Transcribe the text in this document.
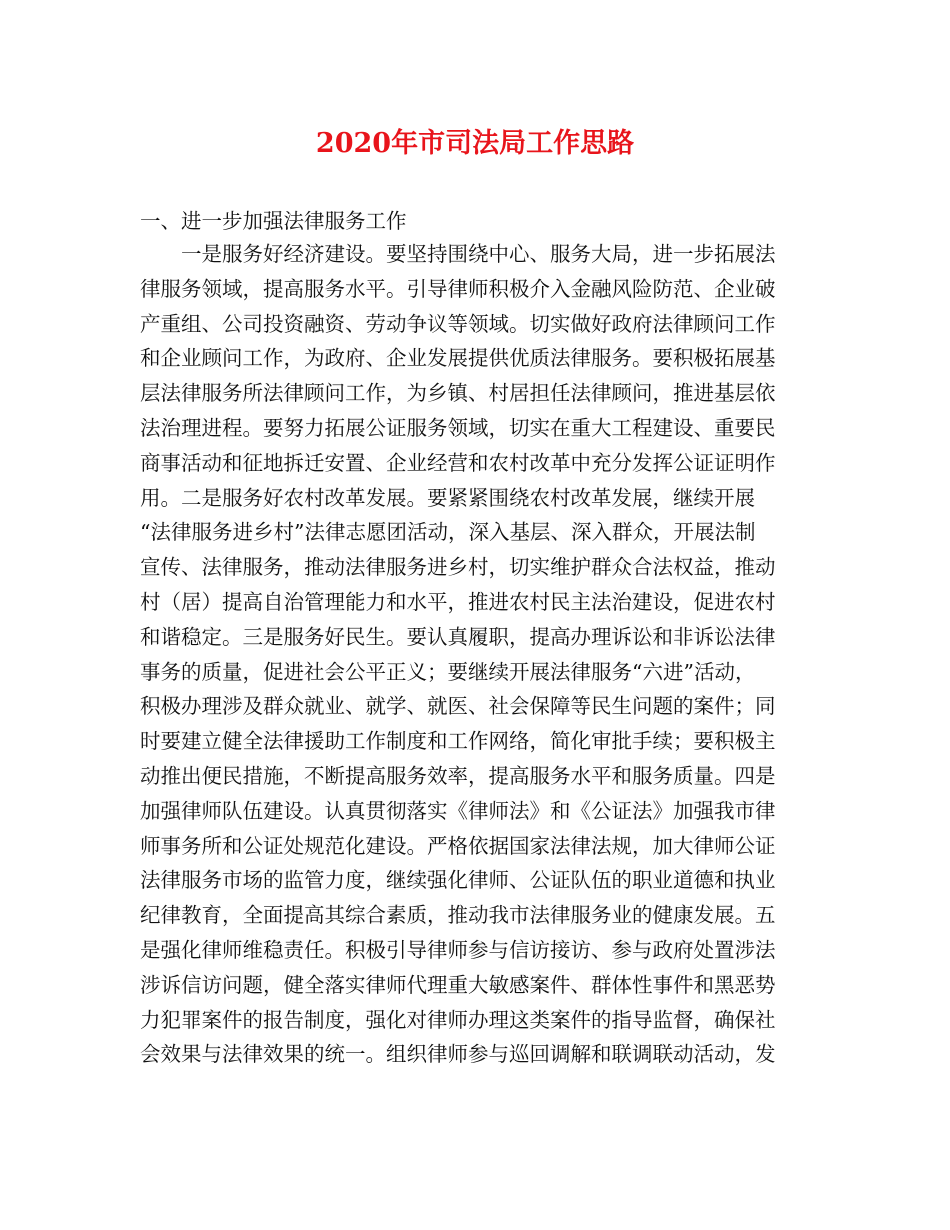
2020年市司法局工作思路
一、进一步加强法律服务工作
一是服务好经济建设。要坚持围绕中心、服务大局，进一步拓展法
律服务领域，提高服务水平。引导律师积极介入金融风险防范、企业破
产重组、公司投资融资、劳动争议等领域。切实做好政府法律顾问工作
和企业顾问工作，为政府、企业发展提供优质法律服务。要积极拓展基
层法律服务所法律顾问工作，为乡镇、村居担任法律顾问，推进基层依
法治理进程。要努力拓展公证服务领域，切实在重大工程建设、重要民
商事活动和征地拆迁安置、企业经营和农村改革中充分发挥公证证明作
用。二是服务好农村改革发展。要紧紧围绕农村改革发展，继续开展
“法律服务进乡村”法律志愿团活动，深入基层、深入群众，开展法制
宣传、法律服务，推动法律服务进乡村，切实维护群众合法权益，推动
村（居）提高自治管理能力和水平，推进农村民主法治建设，促进农村
和谐稳定。三是服务好民生。要认真履职，提高办理诉讼和非诉讼法律
事务的质量，促进社会公平正义；要继续开展法律服务“六进”活动，
积极办理涉及群众就业、就学、就医、社会保障等民生问题的案件；同
时要建立健全法律援助工作制度和工作网络，简化审批手续；要积极主
动推出便民措施，不断提高服务效率，提高服务水平和服务质量。四是
加强律师队伍建设。认真贯彻落实《律师法》和《公证法》加强我市律
师事务所和公证处规范化建设。严格依据国家法律法规，加大律师公证
法律服务市场的监管力度，继续强化律师、公证队伍的职业道德和执业
纪律教育，全面提高其综合素质，推动我市法律服务业的健康发展。五
是强化律师维稳责任。积极引导律师参与信访接访、参与政府处置涉法
涉诉信访问题，健全落实律师代理重大敏感案件、群体性事件和黑恶势
力犯罪案件的报告制度，强化对律师办理这类案件的指导监督，确保社
会效果与法律效果的统一。组织律师参与巡回调解和联调联动活动，发
